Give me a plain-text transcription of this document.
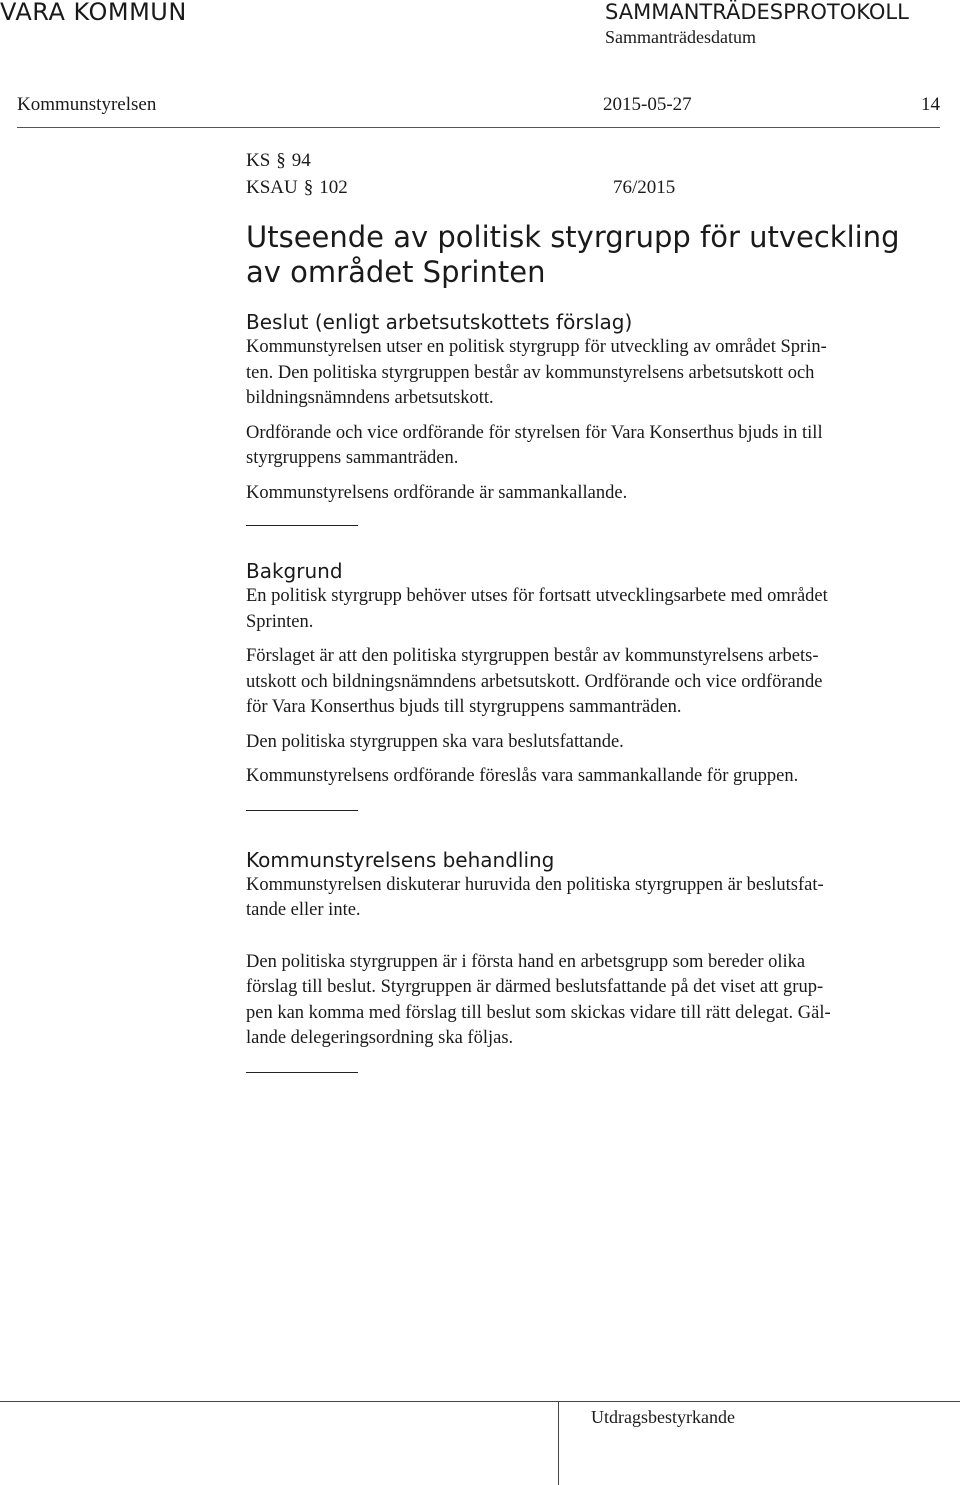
VARA KOMMUN	SAMMANTRÄDESPROTOKOLL
Sammanträdesdatum
Kommunstyrelsen	2015-05-27	14
KS § 94
KSAU § 102	76/2015
Utseende av politisk styrgrupp för utveckling
av området Sprinten
Beslut (enligt arbetsutskottets förslag)

Kommunstyrelsen utser en politisk styrgrupp för utveckling av området Sprin-
ten. Den politiska styrgruppen består av kommunstyrelsens arbetsutskott och
bildningsnämndens arbetsutskott.

Ordförande och vice ordförande för styrelsen för Vara Konserthus bjuds in till
styrgruppens sammanträden.

Kommunstyrelsens ordförande är sammankallande.

Bakgrund

En politisk styrgrupp behöver utses för fortsatt utvecklingsarbete med området
Sprinten.

Förslaget är att den politiska styrgruppen består av kommunstyrelsens arbets-
utskott och bildningsnämndens arbetsutskott. Ordförande och vice ordförande
för Vara Konserthus bjuds till styrgruppens sammanträden.

Den politiska styrgruppen ska vara beslutsfattande.

Kommunstyrelsens ordförande föreslås vara sammankallande för gruppen.

Kommunstyrelsens behandling

Kommunstyrelsen diskuterar huruvida den politiska styrgruppen är beslutsfat-
tande eller inte.

Den politiska styrgruppen är i första hand en arbetsgrupp som bereder olika
förslag till beslut. Styrgruppen är därmed beslutsfattande på det viset att grup-
pen kan komma med förslag till beslut som skickas vidare till rätt delegat. Gäl-
lande delegeringsordning ska följas.

Utdragsbestyrkande
